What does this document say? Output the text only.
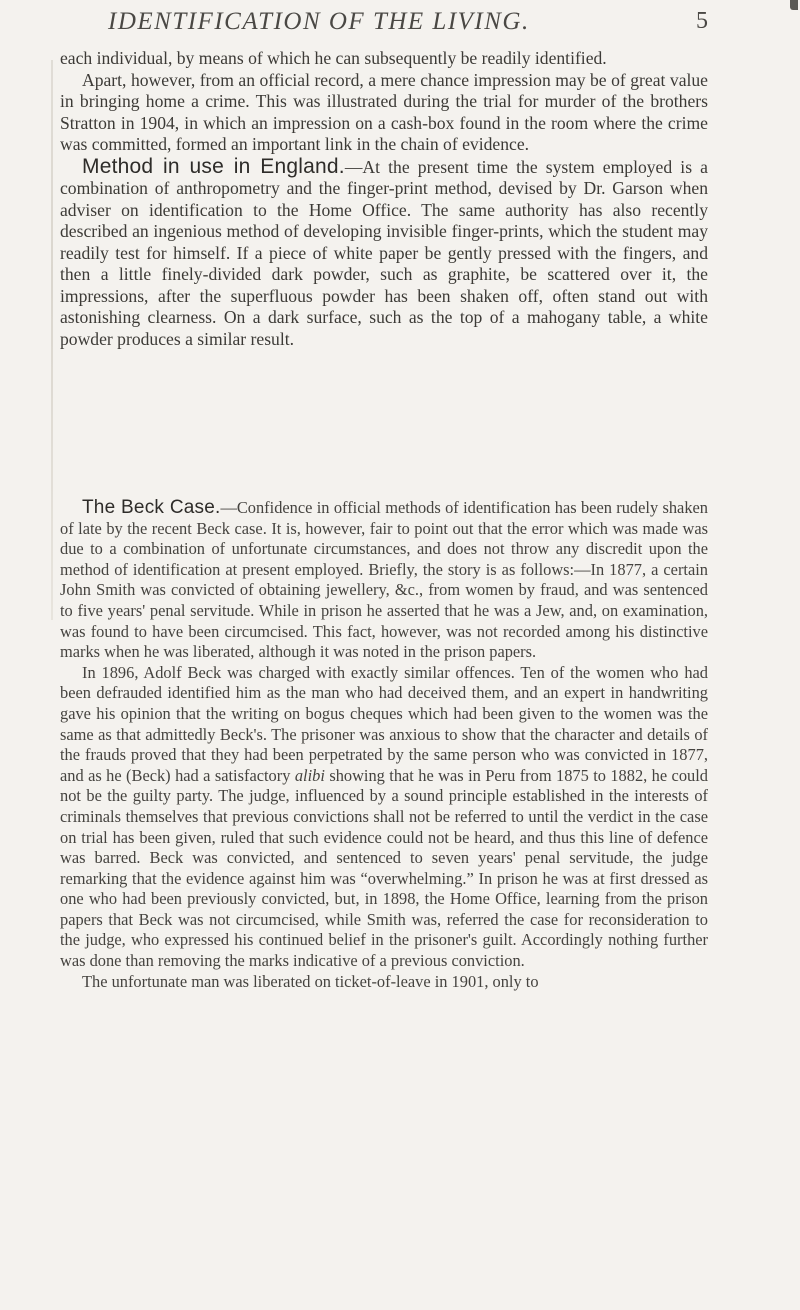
IDENTIFICATION OF THE LIVING.	5

each individual, by means of which he can subsequently be readily identified.

Apart, however, from an official record, a mere chance impression may be of great value in bringing home a crime. This was illustrated during the trial for murder of the brothers Stratton in 1904, in which an impression on a cash-box found in the room where the crime was committed, formed an important link in the chain of evidence.

Method in use in England.—At the present time the system employed is a combination of anthropometry and the finger-print method, devised by Dr. Garson when adviser on identification to the Home Office. The same authority has also recently described an ingenious method of developing invisible finger-prints, which the student may readily test for himself. If a piece of white paper be gently pressed with the fingers, and then a little finely-divided dark powder, such as graphite, be scattered over it, the impressions, after the superfluous powder has been shaken off, often stand out with astonishing clearness. On a dark surface, such as the top of a mahogany table, a white powder produces a similar result.

The Beck Case.—Confidence in official methods of identification has been rudely shaken of late by the recent Beck case. It is, however, fair to point out that the error which was made was due to a combination of unfortunate circumstances, and does not throw any discredit upon the method of identification at present employed. Briefly, the story is as follows:—In 1877, a certain John Smith was convicted of obtaining jewellery, &c., from women by fraud, and was sentenced to five years' penal servitude. While in prison he asserted that he was a Jew, and, on examination, was found to have been circumcised. This fact, however, was not recorded among his distinctive marks when he was liberated, although it was noted in the prison papers.

In 1896, Adolf Beck was charged with exactly similar offences. Ten of the women who had been defrauded identified him as the man who had deceived them, and an expert in handwriting gave his opinion that the writing on bogus cheques which had been given to the women was the same as that admittedly Beck's. The prisoner was anxious to show that the character and details of the frauds proved that they had been perpetrated by the same person who was convicted in 1877, and as he (Beck) had a satisfactory alibi showing that he was in Peru from 1875 to 1882, he could not be the guilty party. The judge, influenced by a sound principle established in the interests of criminals themselves that previous convictions shall not be referred to until the verdict in the case on trial has been given, ruled that such evidence could not be heard, and thus this line of defence was barred. Beck was convicted, and sentenced to seven years' penal servitude, the judge remarking that the evidence against him was “overwhelming.” In prison he was at first dressed as one who had been previously convicted, but, in 1898, the Home Office, learning from the prison papers that Beck was not circumcised, while Smith was, referred the case for reconsideration to the judge, who expressed his continued belief in the prisoner's guilt. Accordingly nothing further was done than removing the marks indicative of a previous conviction.

The unfortunate man was liberated on ticket-of-leave in 1901, only to
